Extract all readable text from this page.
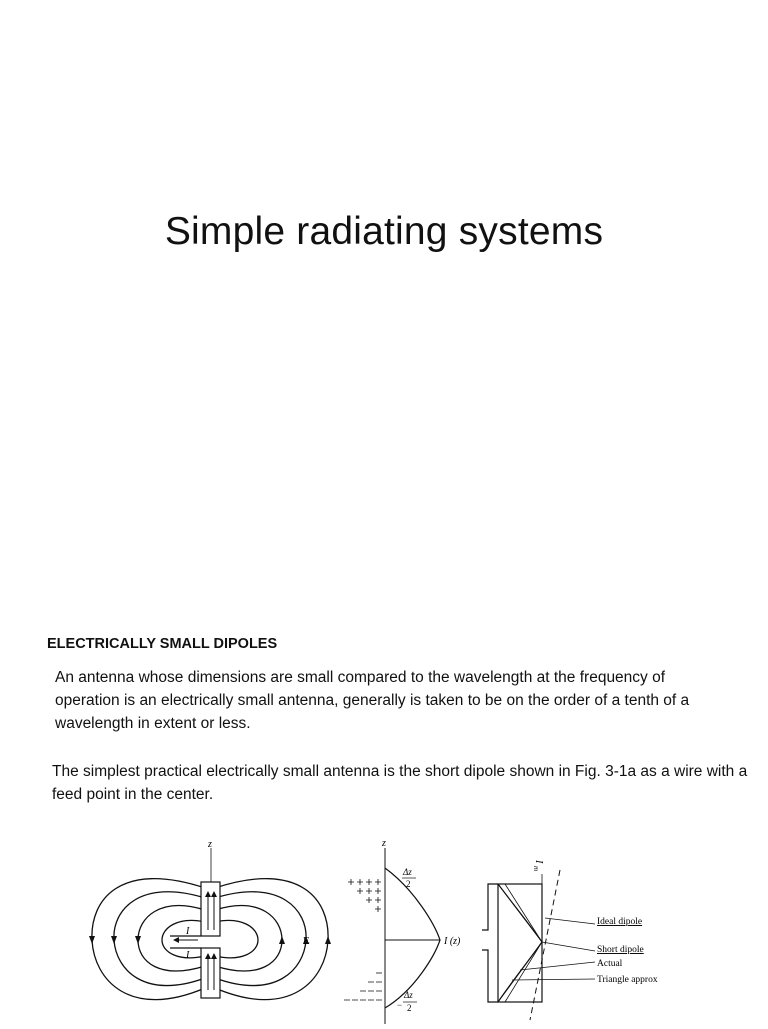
Simple radiating systems
ELECTRICALLY SMALL DIPOLES
An antenna whose dimensions are small compared to the wavelength at the frequency of operation is an electrically small antenna, generally is taken to be on the order of a tenth of a wavelength in extent or less.
The simplest practical electrically small antenna is the short dipole shown in Fig. 3-1a as a wire with a feed point in the center.
z
I
I
E
z
I (z)
Δz
2
−
Δz
2
I
m
Ideal dipole
Short dipole
Actual
Triangle approx
